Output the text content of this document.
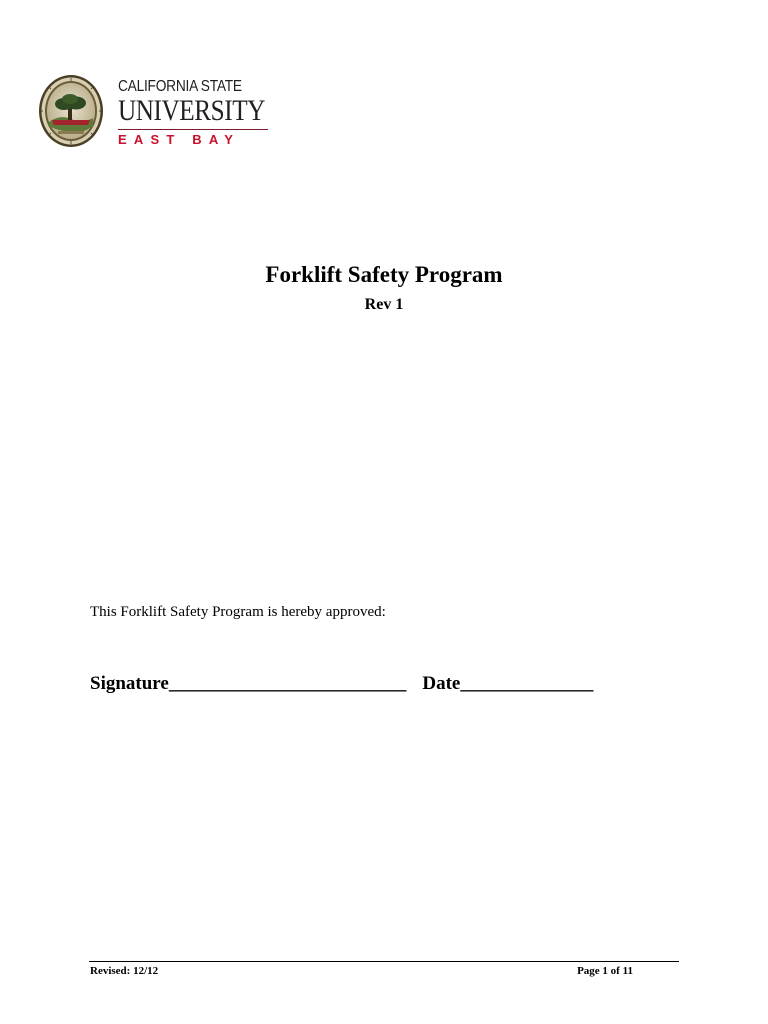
CALIFORNIA STATE
UNIVERSITY
EAST BAY
Forklift Safety Program
Rev 1
This Forklift Safety Program is hereby approved:
Signature_________________________ Date______________
Revised: 12/12	Page 1 of 11
